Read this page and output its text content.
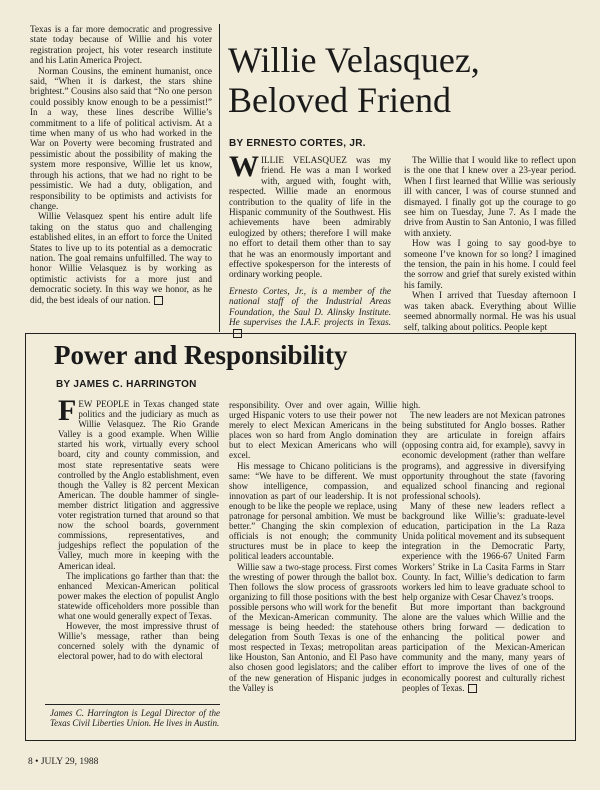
Texas is a far more democratic and progressive state today because of Willie and his voter registration project, his voter research institute and his Latin America Project.

Norman Cousins, the eminent humanist, once said, “When it is darkest, the stars shine brightest.” Cousins also said that “No one person could possibly know enough to be a pessimist!” In a way, these lines describe Willie’s commitment to a life of political activism. At a time when many of us who had worked in the War on Poverty were becoming frustrated and pessimistic about the possibility of making the system more responsive, Willie let us know, through his actions, that we had no right to be pessimistic. We had a duty, obligation, and responsibility to be optimists and activists for change.

Willie Velasquez spent his entire adult life taking on the status quo and challenging established elites, in an effort to force the United States to live up to its potential as a democratic nation. The goal remains unfulfilled. The way to honor Willie Velasquez is by working as optimistic activists for a more just and democratic society. In this way we honor, as he did, the best ideals of our nation.

Willie Velasquez,
Beloved Friend
BY ERNESTO CORTES, JR.

WILLIE VELASQUEZ was my friend. He was a man I worked with, argued with, fought with, respected. Willie made an enormous contribution to the quality of life in the Hispanic community of the Southwest. His achievements have been admirably eulogized by others; therefore I will make no effort to detail them other than to say that he was an enormously important and effective spokesperson for the interests of ordinary working people.

Ernesto Cortes, Jr., is a member of the national staff of the Industrial Areas Foundation, the Saul D. Alinsky Institute. He supervises the I.A.F. projects in Texas.

The Willie that I would like to reflect upon is the one that I knew over a 23-year period. When I first learned that Willie was seriously ill with cancer, I was of course stunned and dismayed. I finally got up the courage to go see him on Tuesday, June 7. As I made the drive from Austin to San Antonio, I was filled with anxiety.

How was I going to say good-bye to someone I’ve known for so long? I imagined the tension, the pain in his home. I could feel the sorrow and grief that surely existed within his family.

When I arrived that Tuesday afternoon I was taken aback. Everything about Willie seemed abnormally normal. He was his usual self, talking about politics. People kept

Power and Responsibility
BY JAMES C. HARRINGTON

FEW PEOPLE in Texas changed state politics and the judiciary as much as Willie Velasquez. The Rio Grande Valley is a good example. When Willie started his work, virtually every school board, city and county commission, and most state representative seats were controlled by the Anglo establishment, even though the Valley is 82 percent Mexican American. The double hammer of single-member district litigation and aggressive voter registration turned that around so that now the school boards, government commissions, representatives, and judgeships reflect the population of the Valley, much more in keeping with the American ideal.

The implications go farther than that: the enhanced Mexican-American political power makes the election of populist Anglo statewide officeholders more possible than what one would generally expect of Texas.

However, the most impressive thrust of Willie’s message, rather than being concerned solely with the dynamic of electoral power, had to do with electoral

James C. Harrington is Legal Director of the Texas Civil Liberties Union. He lives in Austin.

responsibility. Over and over again, Willie urged Hispanic voters to use their power not merely to elect Mexican Americans in the places won so hard from Anglo domination but to elect Mexican Americans who will excel.

His message to Chicano politicians is the same: “We have to be different. We must show intelligence, compassion, and innovation as part of our leadership. It is not enough to be like the people we replace, using patronage for personal ambition. We must be better.” Changing the skin complexion of officials is not enough; the community structures must be in place to keep the political leaders accountable.

Willie saw a two-stage process. First comes the wresting of power through the ballot box. Then follows the slow process of grassroots organizing to fill those positions with the best possible persons who will work for the benefit of the Mexican-American community. The message is being heeded: the statehouse delegation from South Texas is one of the most respected in Texas; metropolitan areas like Houston, San Antonio, and El Paso have also chosen good legislators; and the caliber of the new generation of Hispanic judges in the Valley is

high.

The new leaders are not Mexican patrones being substituted for Anglo bosses. Rather they are articulate in foreign affairs (opposing contra aid, for example), savvy in economic development (rather than welfare programs), and aggressive in diversifying opportunity throughout the state (favoring equalized school financing and regional professional schools).

Many of these new leaders reflect a background like Willie’s: graduate-level education, participation in the La Raza Unida political movement and its subsequent integration in the Democratic Party, experience with the 1966-67 United Farm Workers’ Strike in La Casita Farms in Starr County. In fact, Willie’s dedication to farm workers led him to leave graduate school to help organize with Cesar Chavez’s troops.

But more important than background alone are the values which Willie and the others bring forward — dedication to enhancing the political power and participation of the Mexican-American community and the many, many years of effort to improve the lives of one of the economically poorest and culturally richest peoples of Texas.

8 • JULY 29, 1988
